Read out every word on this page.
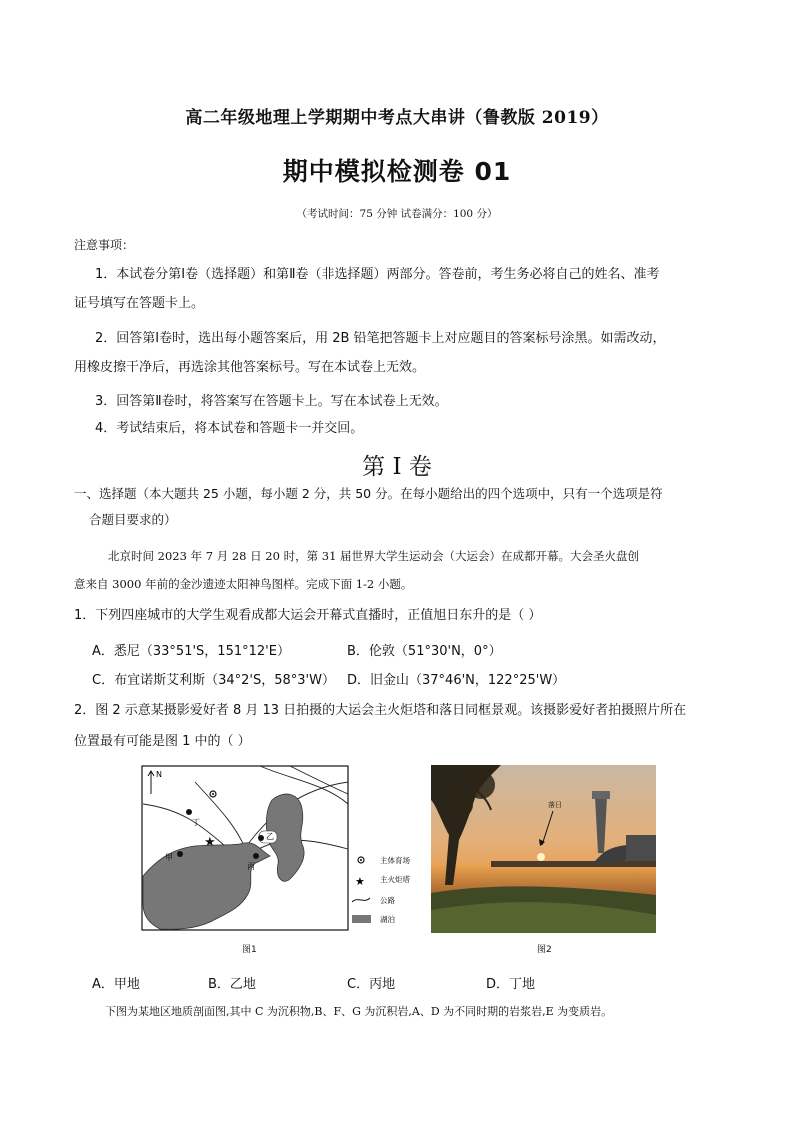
高二年级地理上学期期中考点大串讲（鲁教版 2019）
期中模拟检测卷 01
（考试时间：75 分钟 试卷满分：100 分）
注意事项：
1．本试卷分第Ⅰ卷（选择题）和第Ⅱ卷（非选择题）两部分。答卷前，考生务必将自己的姓名、准考
证号填写在答题卡上。
2．回答第Ⅰ卷时，选出每小题答案后，用 2B 铅笔把答题卡上对应题目的答案标号涂黑。如需改动，
用橡皮擦干净后，再选涂其他答案标号。写在本试卷上无效。
3．回答第Ⅱ卷时，将答案写在答题卡上。写在本试卷上无效。
4．考试结束后，将本试卷和答题卡一并交回。
第 I 卷
一、选择题（本大题共 25 小题，每小题 2 分，共 50 分。在每小题给出的四个选项中，只有一个选项是符
合题目要求的）
北京时间 2023 年 7 月 28 日 20 时，第 31 届世界大学生运动会（大运会）在成都开幕。大会圣火盘创
意来自 3000 年前的金沙遗迹太阳神鸟图样。完成下面 1-2 小题。
1．下列四座城市的大学生观看成都大运会开幕式直播时，正值旭日东升的是（ ）
A．悉尼（33°51'S，151°12'E）	B．伦敦（51°30'N，0°）
C．布宜诺斯艾利斯（34°2'S，58°3'W） D．旧金山（37°46'N，122°25'W）
2．图 2 示意某摄影爱好者 8 月 13 日拍摄的大运会主火炬塔和落日同框景观。该摄影爱好者拍摄照片所在
位置最有可能是图 1 中的（ ）
N
★
丁
甲
乙
丙
主体育场
★ 主火炬塔
公路
湖泊
图1
落日
图2
A．甲地	B．乙地	C．丙地	D．丁地
下图为某地区地质剖面图,其中 C 为沉积物,B、F、G 为沉积岩,A、D 为不同时期的岩浆岩,E 为变质岩。
